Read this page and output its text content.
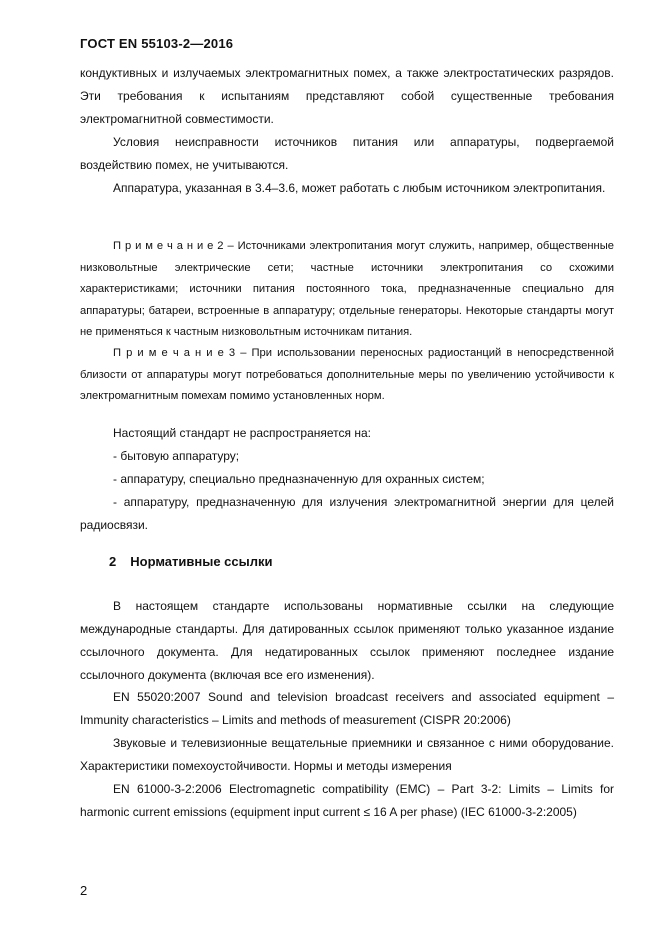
ГОСТ EN 55103-2—2016

кондуктивных и излучаемых электромагнитных помех, а также электростатических разрядов. Эти требования к испытаниям представляют собой существенные требования электромагнитной совместимости.

Условия неисправности источников питания или аппаратуры, подвергаемой воздействию помех, не учитываются.

Аппаратура, указанная в 3.4–3.6, может работать с любым источником электропитания.

П р и м е ч а н и е 2 – Источниками электропитания могут служить, например, общественные низковольтные электрические сети; частные источники электропитания со схожими характеристиками; источники питания постоянного тока, предназначенные специально для аппаратуры; батареи, встроенные в аппаратуру; отдельные генераторы. Некоторые стандарты могут не применяться к частным низковольтным источникам питания.

П р и м е ч а н и е 3 – При использовании переносных радиостанций в непосредственной близости от аппаратуры могут потребоваться дополнительные меры по увеличению устойчивости к электромагнитным помехам помимо установленных норм.

Настоящий стандарт не распространяется на:

- бытовую аппаратуру;

- аппаратуру, специально предназначенную для охранных систем;

- аппаратуру, предназначенную для излучения электромагнитной энергии для целей радиосвязи.

2 Нормативные ссылки

В настоящем стандарте использованы нормативные ссылки на следующие международные стандарты. Для датированных ссылок применяют только указанное издание ссылочного документа. Для недатированных ссылок применяют последнее издание ссылочного документа (включая все его изменения).

EN 55020:2007 Sound and television broadcast receivers and associated equipment – Immunity characteristics – Limits and methods of measurement (CISPR 20:2006)

Звуковые и телевизионные вещательные приемники и связанное с ними оборудование. Характеристики помехоустойчивости. Нормы и методы измерения

EN 61000-3-2:2006 Electromagnetic compatibility (EMC) – Part 3-2: Limits – Limits for harmonic current emissions (equipment input current ≤ 16 A per phase) (IEC 61000-3-2:2005)

2
